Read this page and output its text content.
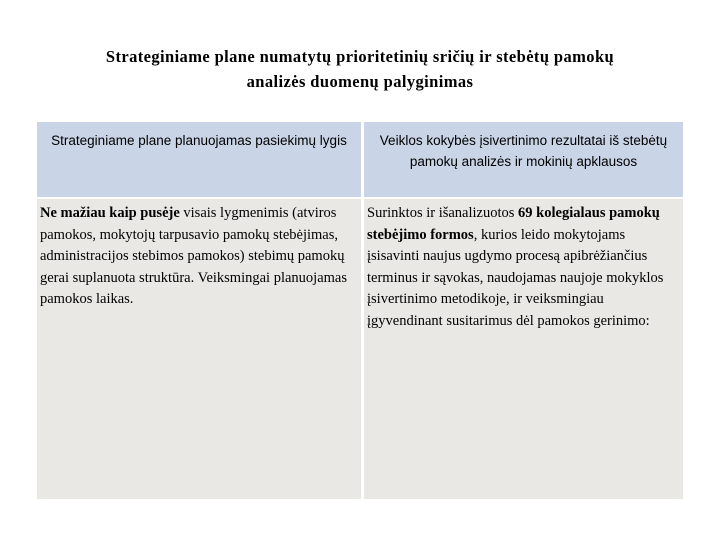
Strateginiame plane numatytų prioritetinių sričių ir stebėtų pamokų
analizės duomenų palyginimas
Strateginiame plane planuojamas pasiekimų lygis	Veiklos kokybės įsivertinimo rezultatai iš stebėtų pamokų analizės ir mokinių apklausos
Ne mažiau kaip pusėje visais lygmenimis (atviros pamokos, mokytojų tarpusavio pamokų stebėjimas, administracijos stebimos pamokos) stebimų pamokų gerai suplanuota struktūra. Veiksmingai planuojamas pamokos laikas.
Surinktos ir išanalizuotos 69 kolegialaus pamokų stebėjimo formos, kurios leido mokytojams įsisavinti naujus ugdymo procesą apibrėžiančius terminus ir sąvokas, naudojamas naujoje mokyklos įsivertinimo metodikoje, ir veiksmingiau įgyvendinant susitarimus dėl pamokos gerinimo:
